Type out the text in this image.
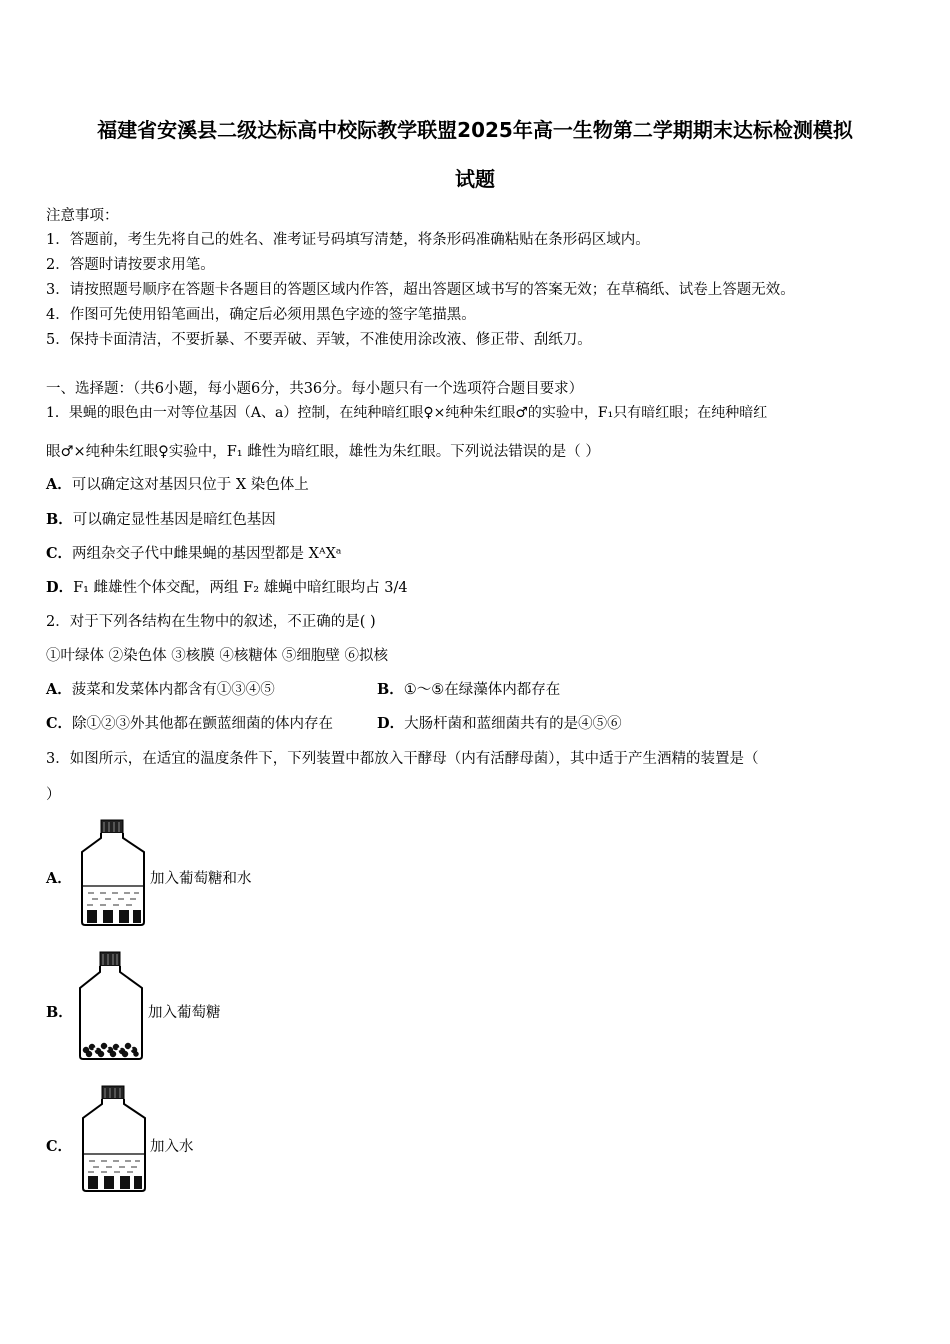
福建省安溪县二级达标高中校际教学联盟2025年高一生物第二学期期末达标检测模拟
试题
注意事项：
1．答题前，考生先将自己的姓名、准考证号码填写清楚，将条形码准确粘贴在条形码区域内。
2．答题时请按要求用笔。
3．请按照题号顺序在答题卡各题目的答题区域内作答，超出答题区域书写的答案无效；在草稿纸、试卷上答题无效。
4．作图可先使用铅笔画出，确定后必须用黑色字迹的签字笔描黑。
5．保持卡面清洁，不要折暴、不要弄破、弄皱，不准使用涂改液、修正带、刮纸刀。
一、选择题：（共6小题，每小题6分，共36分。每小题只有一个选项符合题目要求）
1．果蝇的眼色由一对等位基因（A、a）控制，在纯种暗红眼♀×纯种朱红眼♂的实验中，F₁只有暗红眼；在纯种暗红
眼♂×纯种朱红眼♀实验中，F₁ 雌性为暗红眼，雄性为朱红眼。下列说法错误的是（ ）
A．可以确定这对基因只位于 X 染色体上
B．可以确定显性基因是暗红色基因
C．两组杂交子代中雌果蝇的基因型都是 XᴬXᵃ
D．F₁ 雌雄性个体交配，两组 F₂ 雄蝇中暗红眼均占 3/4
2．对于下列各结构在生物中的叙述，不正确的是( )
①叶绿体 ②染色体 ③核膜 ④核糖体 ⑤细胞壁 ⑥拟核
A．菠菜和发菜体内都含有①③④⑤	B．①～⑤在绿藻体内都存在
C．除①②③外其他都在颤蓝细菌的体内存在	D．大肠杆菌和蓝细菌共有的是④⑤⑥
3．如图所示，在适宜的温度条件下，下列装置中都放入干酵母（内有活酵母菌），其中适于产生酒精的装置是（
）
A．	加入葡萄糖和水
B．	加入葡萄糖
C．	加入水
